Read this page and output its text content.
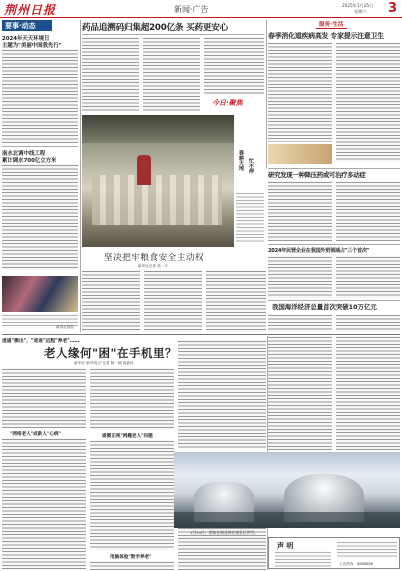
荆州日报	新闻·广告	2025年1月25日
星期六 3
要事·动态
2024年天天环境日
主题为"美丽中国我先行"
南水北调中线工程
累计调水700亿立方米
新春走基层
药品追溯码归集超200亿条 买药更安心
今日·聚焦
服务·生活
春季消化道疾病高发 专家提示注意卫生
春耕大地 忙不停
坚决把牢粮食安全主动权
新华社记者 高一丰
研究发现一种降压药或可治疗多动症
2024年民营企业在我国外贸领域占"三个首次"
我国海洋经济总量首次突破10万亿元
逍遥"搬出"，"迎进"远程"养老"……
老人缘何"困"在手机里？
新华社"新华视点"记者 陈一楠 周嘉伟
"网络老人"成新人"心病"	亟需正视"网瘾老人"问题
用脑体验"数字养老"
1月24日，游客在湖北神农架景区赏雪。
声 明
公告热线：8888888
